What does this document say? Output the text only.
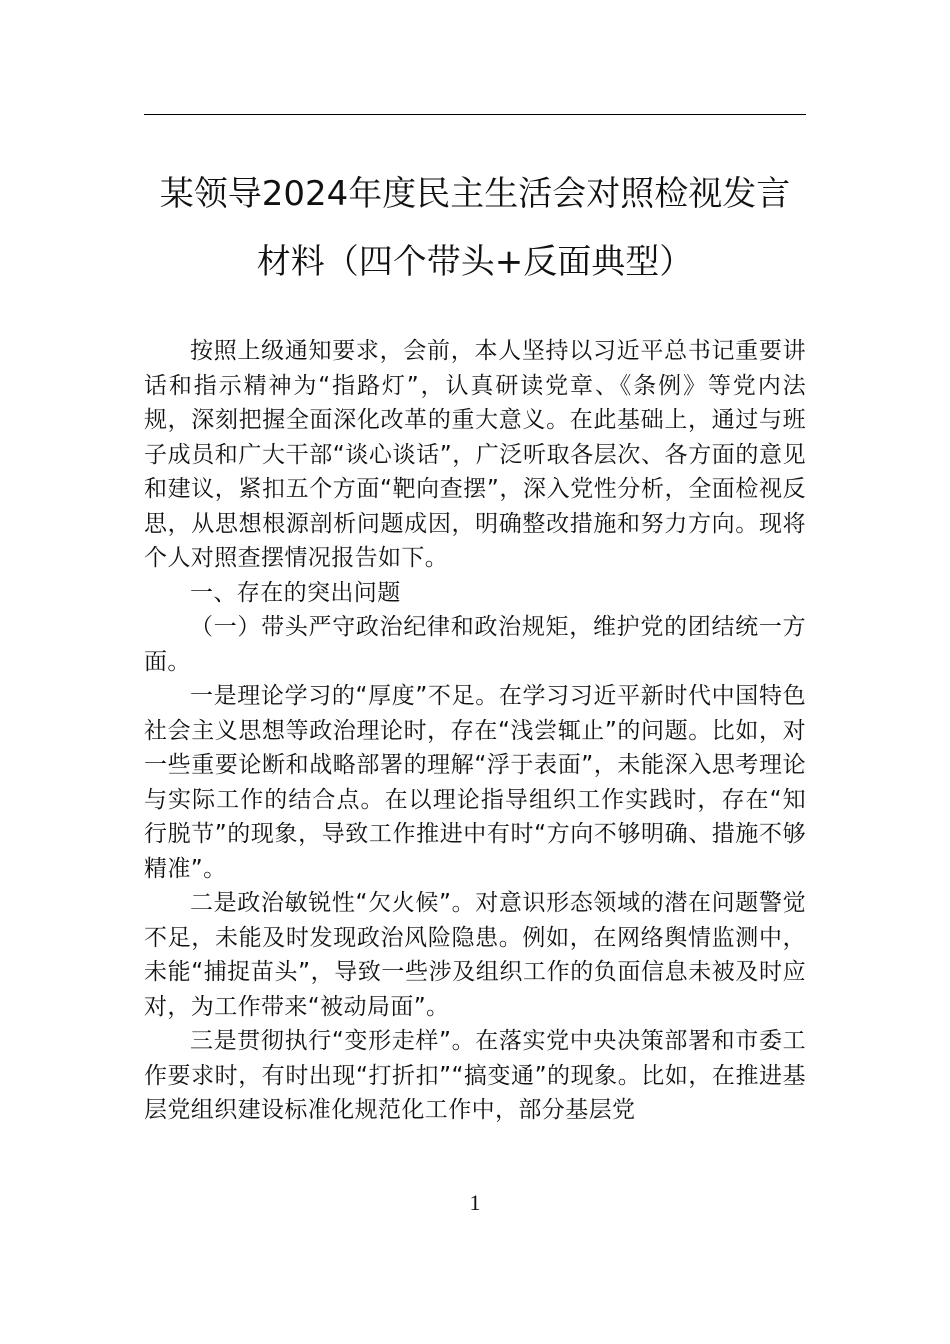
某领导2024年度民主生活会对照检视发言
材料（四个带头+反面典型）

按照上级通知要求，会前，本人坚持以习近平总书记重要讲话和指示精神为“指路灯”，认真研读党章、《条例》等党内法规，深刻把握全面深化改革的重大意义。在此基础上，通过与班子成员和广大干部“谈心谈话”，广泛听取各层次、各方面的意见和建议，紧扣五个方面“靶向查摆”，深入党性分析，全面检视反思，从思想根源剖析问题成因，明确整改措施和努力方向。现将个人对照查摆情况报告如下。

一、存在的突出问题

（一）带头严守政治纪律和政治规矩，维护党的团结统一方面。

一是理论学习的“厚度”不足。在学习习近平新时代中国特色社会主义思想等政治理论时，存在“浅尝辄止”的问题。比如，对一些重要论断和战略部署的理解“浮于表面”，未能深入思考理论与实际工作的结合点。在以理论指导组织工作实践时，存在“知行脱节”的现象，导致工作推进中有时“方向不够明确、措施不够精准”。

二是政治敏锐性“欠火候”。对意识形态领域的潜在问题警觉不足，未能及时发现政治风险隐患。例如，在网络舆情监测中，未能“捕捉苗头”，导致一些涉及组织工作的负面信息未被及时应对，为工作带来“被动局面”。

三是贯彻执行“变形走样”。在落实党中央决策部署和市委工作要求时，有时出现“打折扣”“搞变通”的现象。比如，在推进基层党组织建设标准化规范化工作中，部分基层党

1
